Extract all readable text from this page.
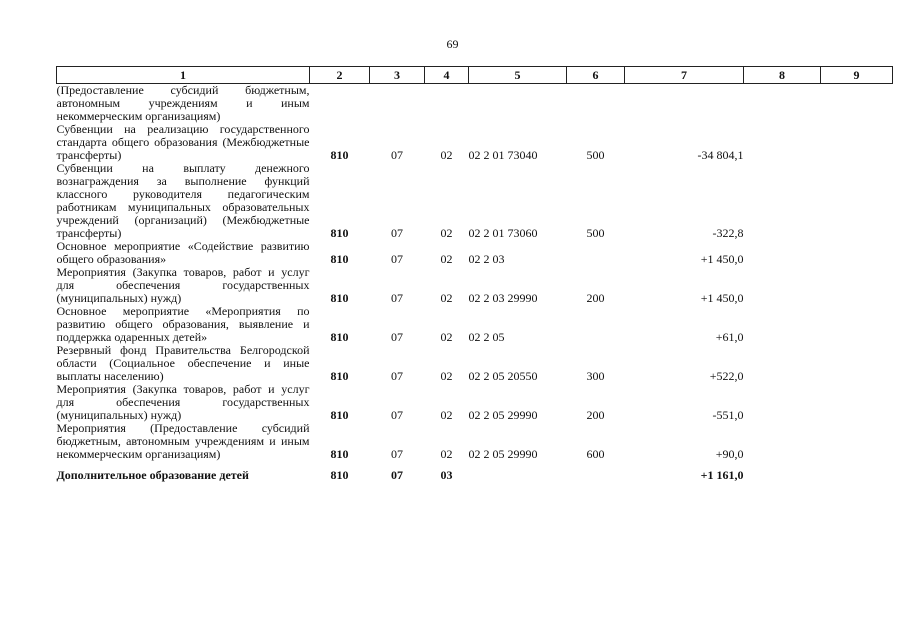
69
1	2	3	4	5	6	7	8	9
(Предоставление субсидий бюджетным, автономным учреждениям и иным некоммерческим организациям)								
Субвенции на реализацию государственного стандарта общего образования (Межбюджетные трансферты)	810	07	02	02 2 01 73040	500	-34 804,1		
Субвенции на выплату денежного вознаграждения за выполнение функций классного руководителя педагогическим работникам муниципальных образовательных учреждений (организаций) (Межбюджетные трансферты)	810	07	02	02 2 01 73060	500	-322,8		
Основное мероприятие «Содействие развитию общего образования»	810	07	02	02 2 03		+1 450,0		
Мероприятия (Закупка товаров, работ и услуг для обеспечения государственных (муниципальных) нужд)	810	07	02	02 2 03 29990	200	+1 450,0		
Основное мероприятие «Мероприятия по развитию общего образования, выявление и поддержка одаренных детей»	810	07	02	02 2 05		+61,0		
Резервный фонд Правительства Белгородской области (Социальное обеспечение и иные выплаты населению)	810	07	02	02 2 05 20550	300	+522,0		
Мероприятия (Закупка товаров, работ и услуг для обеспечения государственных (муниципальных) нужд)	810	07	02	02 2 05 29990	200	-551,0		
Мероприятия (Предоставление субсидий бюджетным, автономным учреждениям и иным некоммерческим организациям)	810	07	02	02 2 05 29990	600	+90,0		

Дополнительное образование детей	810	07	03			+1 161,0		
